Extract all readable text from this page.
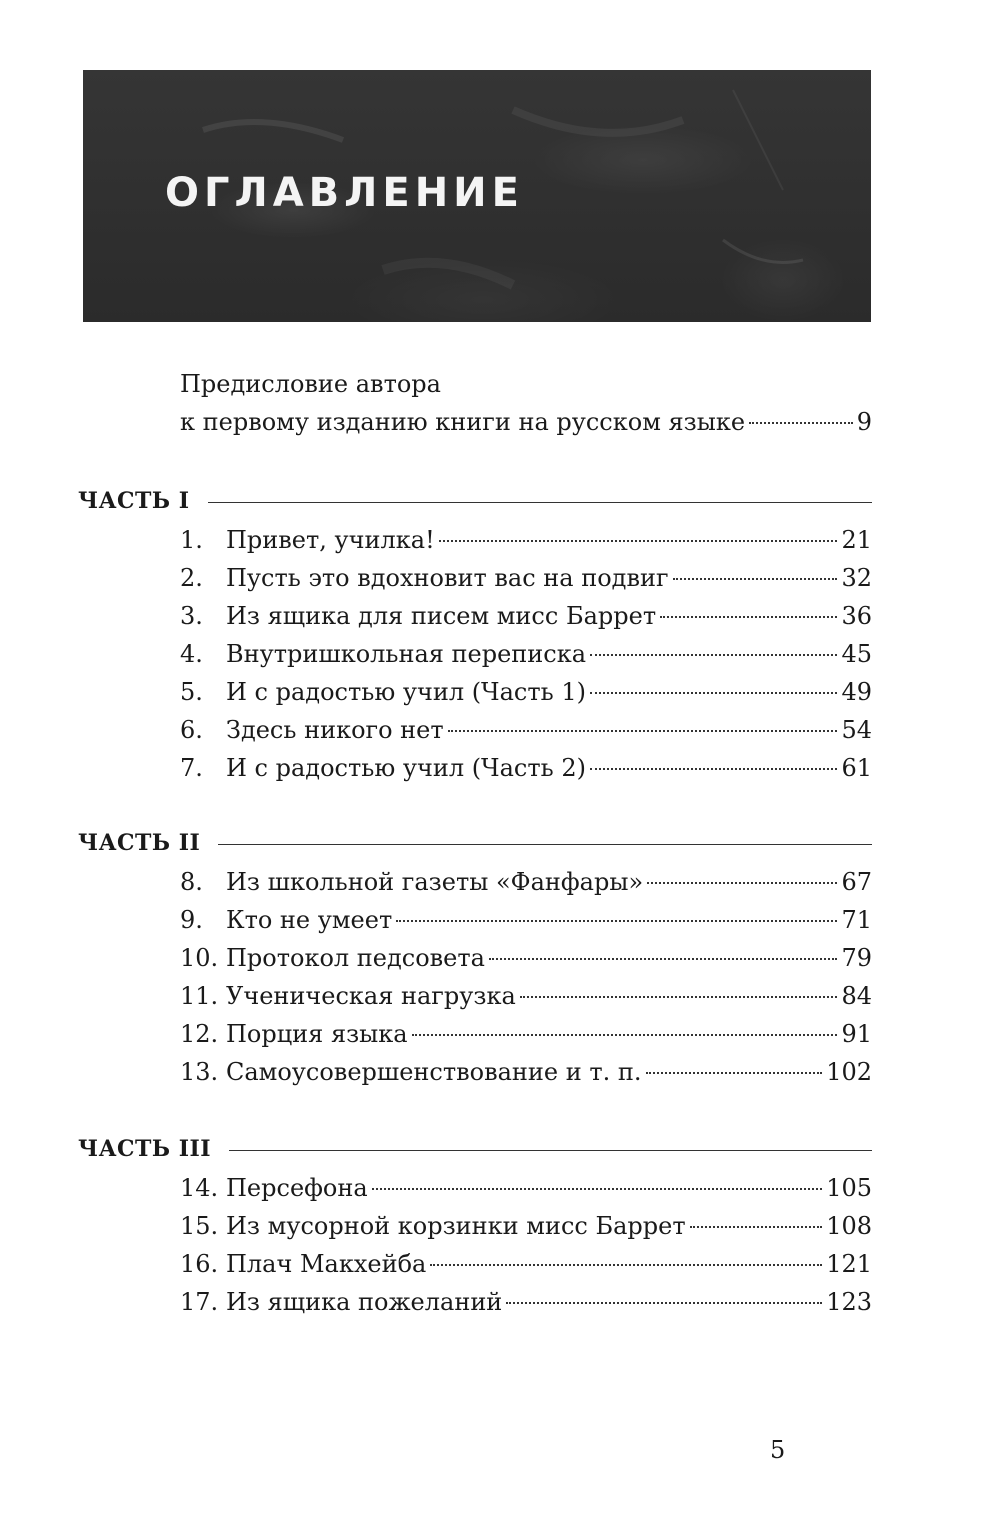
ОГЛАВЛЕНИЕ
Предисловие автора
к первому изданию книги на русском языке	9
ЧАСТЬ I
1. Привет, училка!	21
2. Пусть это вдохновит вас на подвиг	32
3. Из ящика для писем мисс Баррет	36
4. Внутришкольная переписка	45
5. И с радостью учил (Часть 1)	49
6. Здесь никого нет	54
7. И с радостью учил (Часть 2)	61
ЧАСТЬ II
8. Из школьной газеты «Фанфары»	67
9. Кто не умеет	71
10. Протокол педсовета	79
11. Ученическая нагрузка	84
12. Порция языка	91
13. Самоусовершенствование и т. п.	102
ЧАСТЬ III
14. Персефона	105
15. Из мусорной корзинки мисс Баррет	108
16. Плач Макхейба	121
17. Из ящика пожеланий	123
5
